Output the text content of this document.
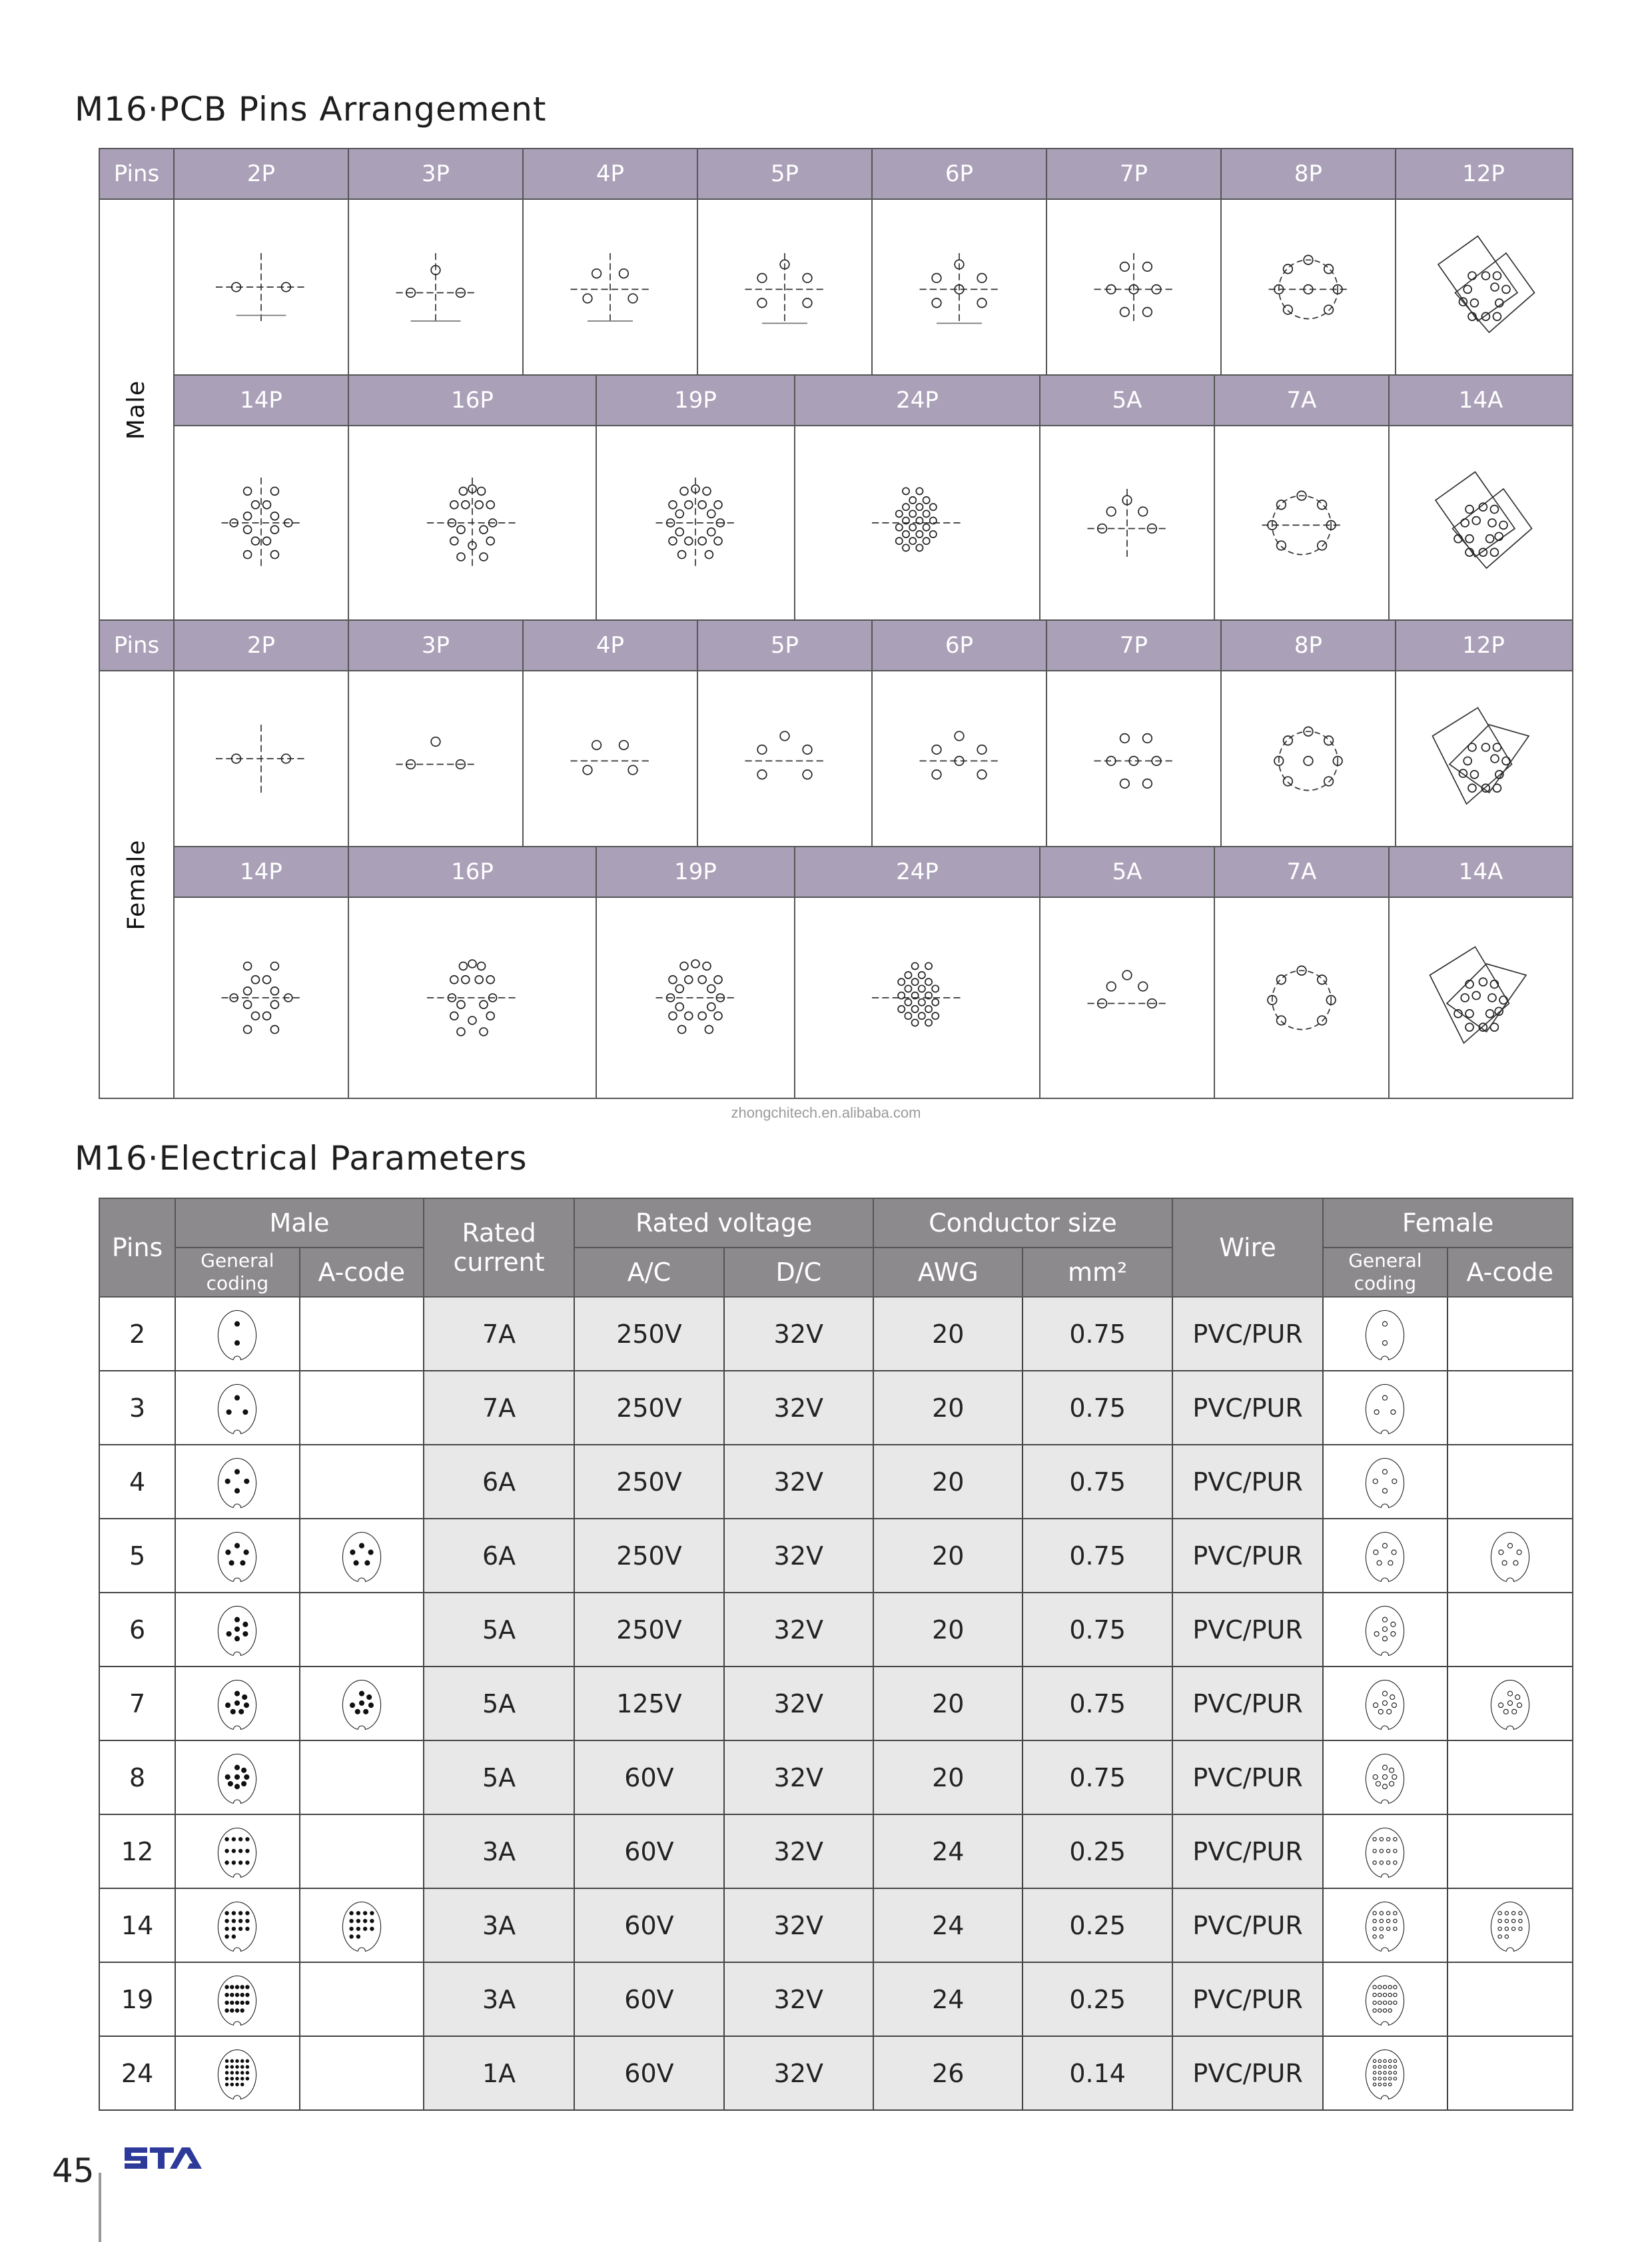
M16·PCB Pins Arrangement
Pins	2P	3P	4P	5P	6P	7P	8P	12P
14P	16P	19P	24P	5A	7A	14A
Male
Pins	2P	3P	4P	5P	6P	7P	8P	12P
14P	16P	19P	24P	5A	7A	14A
Female
zhongchitech.en.alibaba.com
M16·Electrical Parameters
Pins	Male		Rated current	Rated voltage		Conductor size		Wire	Female	
	General coding	A-code		A/C	D/C	AWG	mm²		General coding	A-code
2			7A	250V	32V	20	0.75	PVC/PUR	

3			7A	250V	32V	20	0.75	PVC/PUR	

4			6A	250V	32V	20	0.75	PVC/PUR	

5			6A	250V	32V	20	0.75	PVC/PUR	

6			5A	250V	32V	20	0.75	PVC/PUR	

7			5A	125V	32V	20	0.75	PVC/PUR	

8			5A	60V	32V	20	0.75	PVC/PUR	

12			3A	60V	32V	24	0.25	PVC/PUR	

14			3A	60V	32V	24	0.25	PVC/PUR	

19			3A	60V	32V	24	0.25	PVC/PUR	

24			1A	60V	32V	26	0.14	PVC/PUR	

45
